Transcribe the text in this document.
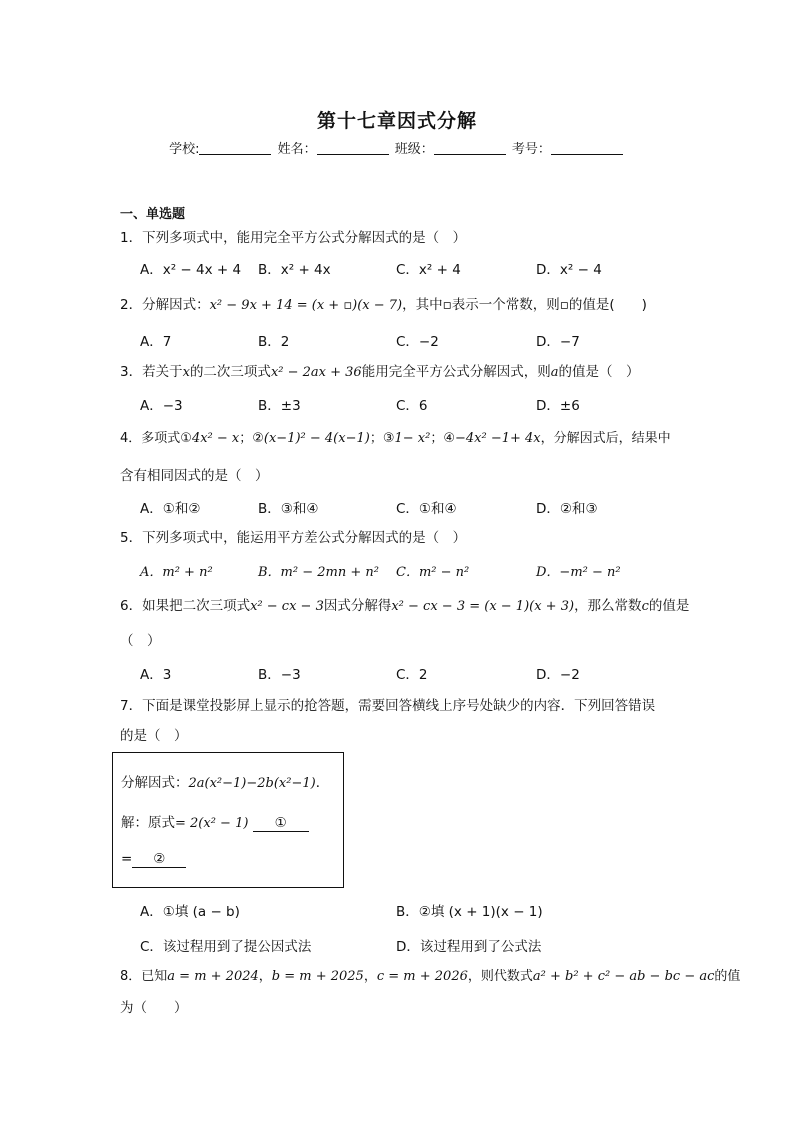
第十七章因式分解
学校:	姓名：	班级：	考号：
一、单选题
1．下列多项式中，能用完全平方公式分解因式的是（　）
A．x² − 4x + 4 B．x² + 4x	C．x² + 4	D．x² − 4
2．分解因式：x² − 9x + 14 = (x + ▫)(x − 7)，其中▫表示一个常数，则▫的值是(　　)
A．7	B．2	C．−2	D．−7
3．若关于x的二次三项式x² − 2ax + 36能用完全平方公式分解因式，则a的值是（　）
A．−3	B．±3	C．6	D．±6
4．多项式①4x² − x；②(x−1)² − 4(x−1)；③1− x²；④−4x² −1+ 4x，分解因式后，结果中
含有相同因式的是（　）
A．①和②	B．③和④	C．①和④	D．②和③
5．下列多项式中，能运用平方差公式分解因式的是（　）
A．m² + n²	B．m² − 2mn + n² C．m² − n²	D．−m² − n²
6．如果把二次三项式x² − cx − 3因式分解得x² − cx − 3 = (x − 1)(x + 3)，那么常数c的值是
（　）
A．3	B．−3	C．2	D．−2
7．下面是课堂投影屏上显示的抢答题，需要回答横线上序号处缺少的内容．下列回答错误
的是（　）
分解因式：2a(x²−1)−2b(x²−1)．
解：原式= 2(x² − 1) ①
= ②
A．①填 (a − b)	B．②填 (x + 1)(x − 1)
C．该过程用到了提公因式法	D．该过程用到了公式法
8．已知a = m + 2024，b = m + 2025，c = m + 2026，则代数式a² + b² + c² − ab − bc − ac的值
为（　　）
